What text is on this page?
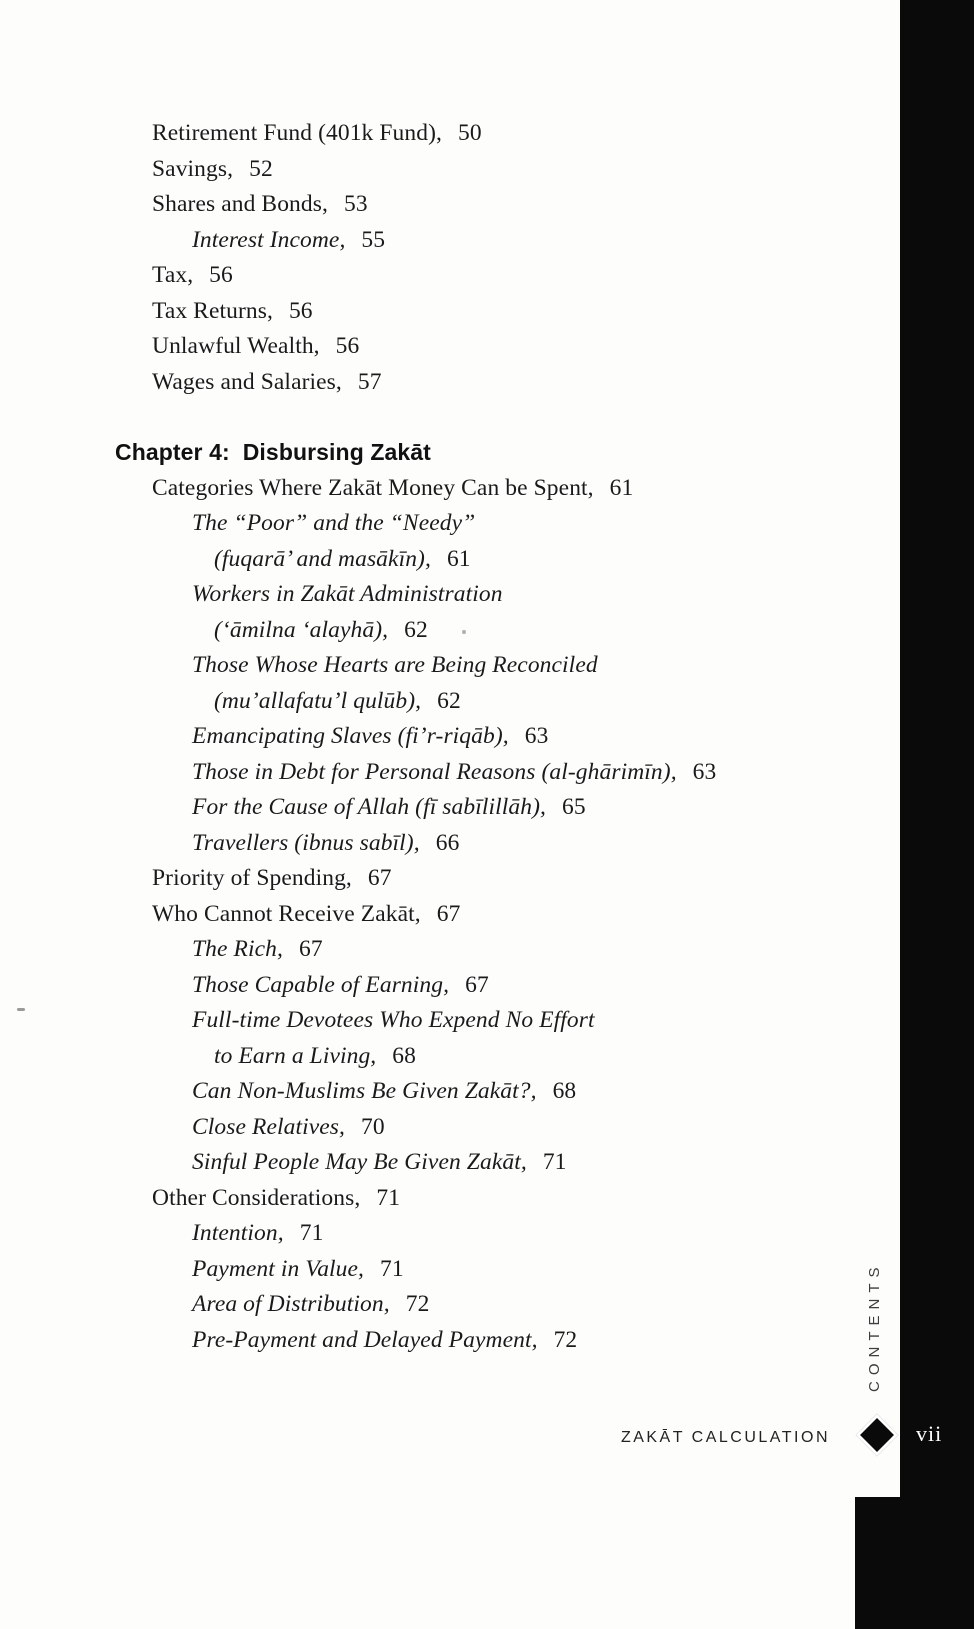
Retirement Fund (401k Fund), 50
Savings, 52
Shares and Bonds, 53
Interest Income, 55
Tax, 56
Tax Returns, 56
Unlawful Wealth, 56
Wages and Salaries, 57
Chapter 4:  Disbursing Zakāt
Categories Where Zakāt Money Can be Spent, 61
The “Poor” and the “Needy”
(fuqarā’ and masākīn), 61
Workers in Zakāt Administration
(‘āmilna ‘alayhā), 62
Those Whose Hearts are Being Reconciled
(mu’allafatu’l qulūb), 62
Emancipating Slaves (fi’r-riqāb), 63
Those in Debt for Personal Reasons (al-ghārimīn), 63
For the Cause of Allah (fī sabīlillāh), 65
Travellers (ibnus sabīl), 66
Priority of Spending, 67
Who Cannot Receive Zakāt, 67
The Rich, 67
Those Capable of Earning, 67
Full-time Devotees Who Expend No Effort
to Earn a Living, 68
Can Non-Muslims Be Given Zakāt?, 68
Close Relatives, 70
Sinful People May Be Given Zakāt, 71
Other Considerations, 71
Intention, 71
Payment in Value, 71
Area of Distribution, 72
Pre-Payment and Delayed Payment, 72	CONTENTS
ZAKĀT CALCULATION	vii
